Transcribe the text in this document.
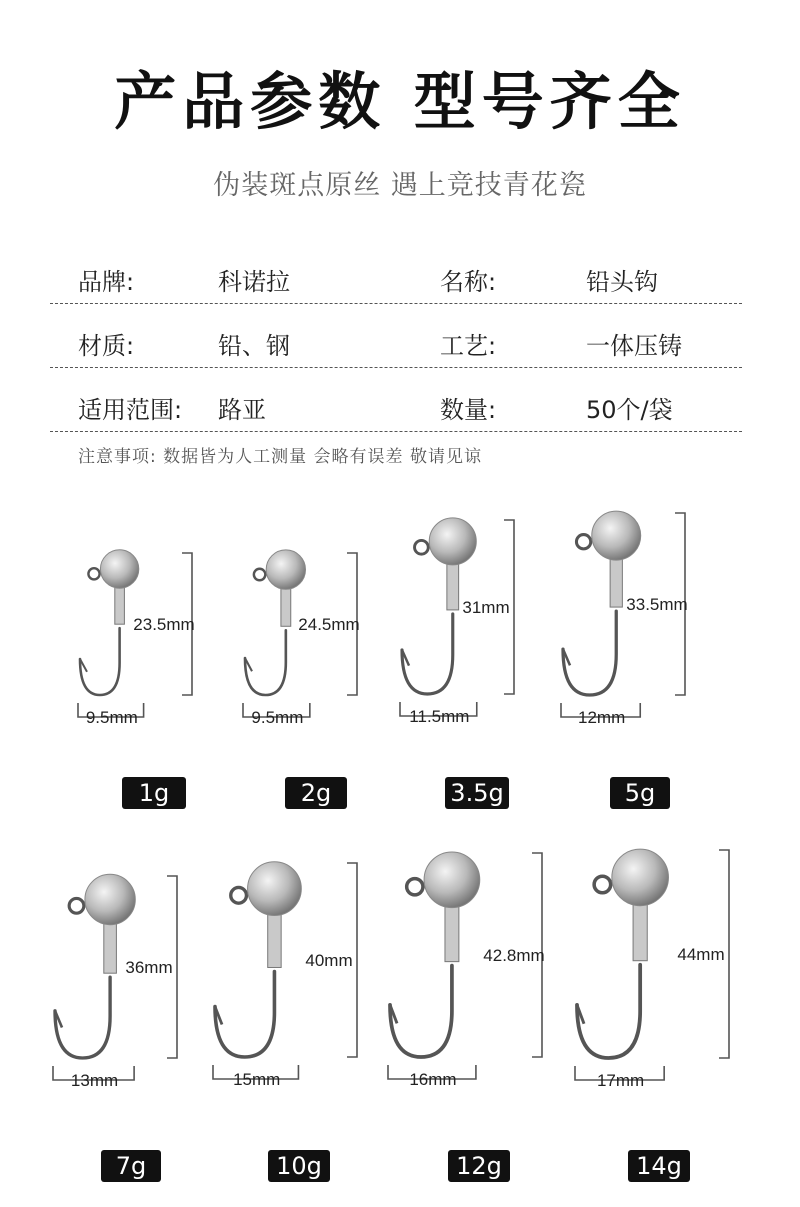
产品参数 型号齐全
伪装斑点原丝 遇上竞技青花瓷
品牌:	科诺拉	名称:	铅头钩
材质:	铅、钢	工艺:	一体压铸
适用范围: 路亚	数量:	50个/袋
注意事项: 数据皆为人工测量 会略有误差 敬请见谅
23.5mm
9.5mm
1g
24.5mm
9.5mm
2g
31mm
11.5mm
3.5g
33.5mm
12mm
5g
36mm
13mm
7g
40mm
15mm
10g
42.8mm
16mm
12g
44mm
17mm
14g
